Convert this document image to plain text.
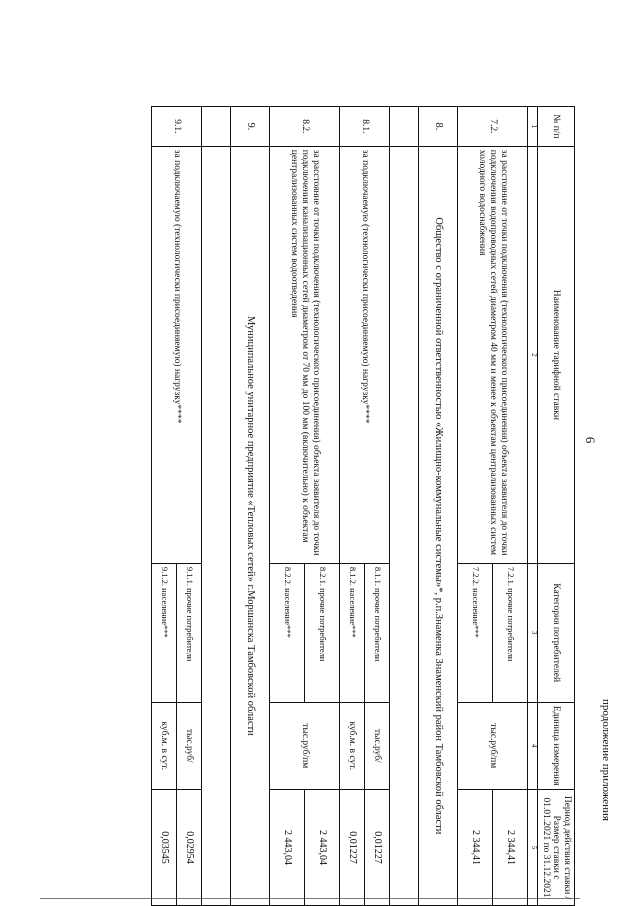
6
продолжение приложения
№ п/п	Наименование тарифной ставки	Категория потребителей	Единица измерения	Период действия ставки /Размер ставки с 01.01.2021 по 31.12.2021
1	2	3	4	5
7.2.	за расстояние от точки подключения (технологического присоединения) объекта заявителя до точки подключения водопроводных сетей диаметром 40 мм и менее к объектам централизованных систем холодного водоснабжения	7.2.1. прочие потребители	тыс.руб/пм	2 344,41
		7.2.2. население***		2 344,41
8.	Общество с ограниченной ответственностью «Жилищно-коммунальные системы»*, р.п.Знаменка Знаменский район Тамбовской области			

8.1.	за подключаемую (технологически присоединяемую) нагрузку****	8.1.1. прочие потребители	тыс.руб/	0,01227
		8.1.2. население***	куб.м. в сут.	0,01227
8.2.	за расстояние от точки подключения (технологического присоединения) объекта заявителя до точки подключения канализационных сетей диаметром от 70 мм до 100 мм (включительно) к объектам централизованных систем водоотведения	8.2.1. прочие потребители	тыс.руб/пм	2 443,04
		8.2.2. население***		2 443,04
9.	Муниципальное унитарное предприятие «Тепловых сетей» г.Моршанска Тамбовской области			

9.1.	за подключаемую (технологически присоединяемую) нагрузку****	9.1.1. прочие потребители	тыс.руб/	0,02954
		9.1.2. население***	куб.м. в сут.	0,03545
